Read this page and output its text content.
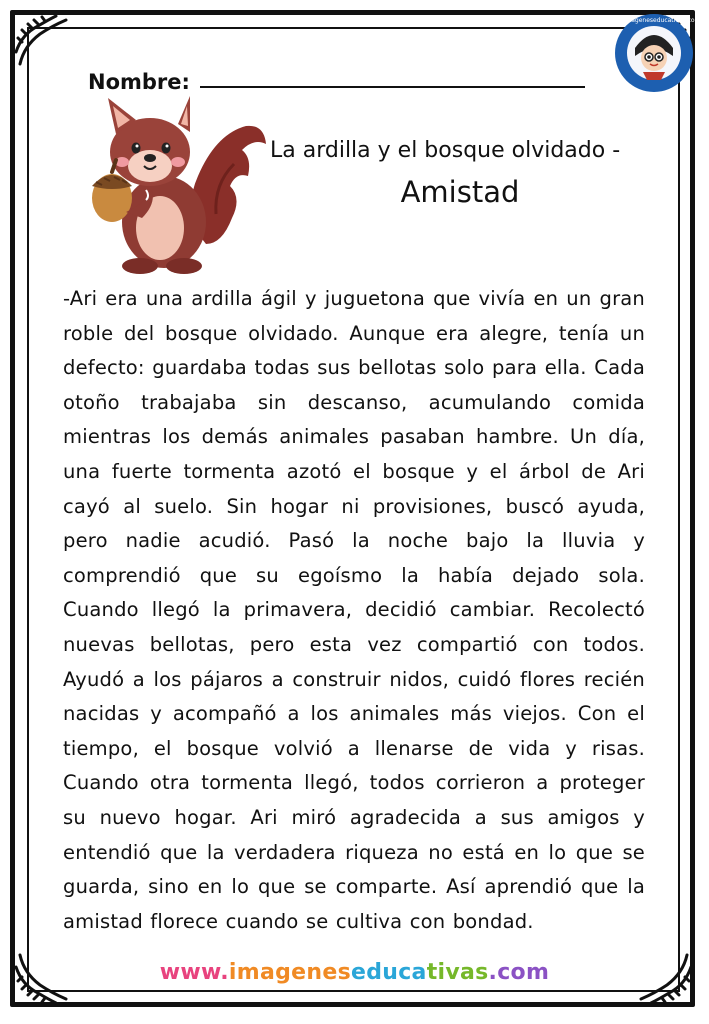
Nombre:
www.imageneseducativas.com
La ardilla y el bosque olvidado -
Amistad

-Ari era una ardilla ágil y juguetona que vivía en un gran roble del bosque olvidado. Aunque era alegre, tenía un defecto: guardaba todas sus bellotas solo para ella. Cada otoño trabajaba sin descanso, acumulando comida mientras los demás animales pasaban hambre. Un día, una fuerte tormenta azotó el bosque y el árbol de Ari cayó al suelo. Sin hogar ni provisiones, buscó ayuda, pero nadie acudió. Pasó la noche bajo la lluvia y comprendió que su egoísmo la había dejado sola. Cuando llegó la primavera, decidió cambiar. Recolectó nuevas bellotas, pero esta vez compartió con todos. Ayudó a los pájaros a construir nidos, cuidó flores recién nacidas y acompañó a los animales más viejos. Con el tiempo, el bosque volvió a llenarse de vida y risas. Cuando otra tormenta llegó, todos corrieron a proteger su nuevo hogar. Ari miró agradecida a sus amigos y entendió que la verdadera riqueza no está en lo que se guarda, sino en lo que se comparte. Así aprendió que la amistad florece cuando se cultiva con bondad.

www.imageneseducativas.com
